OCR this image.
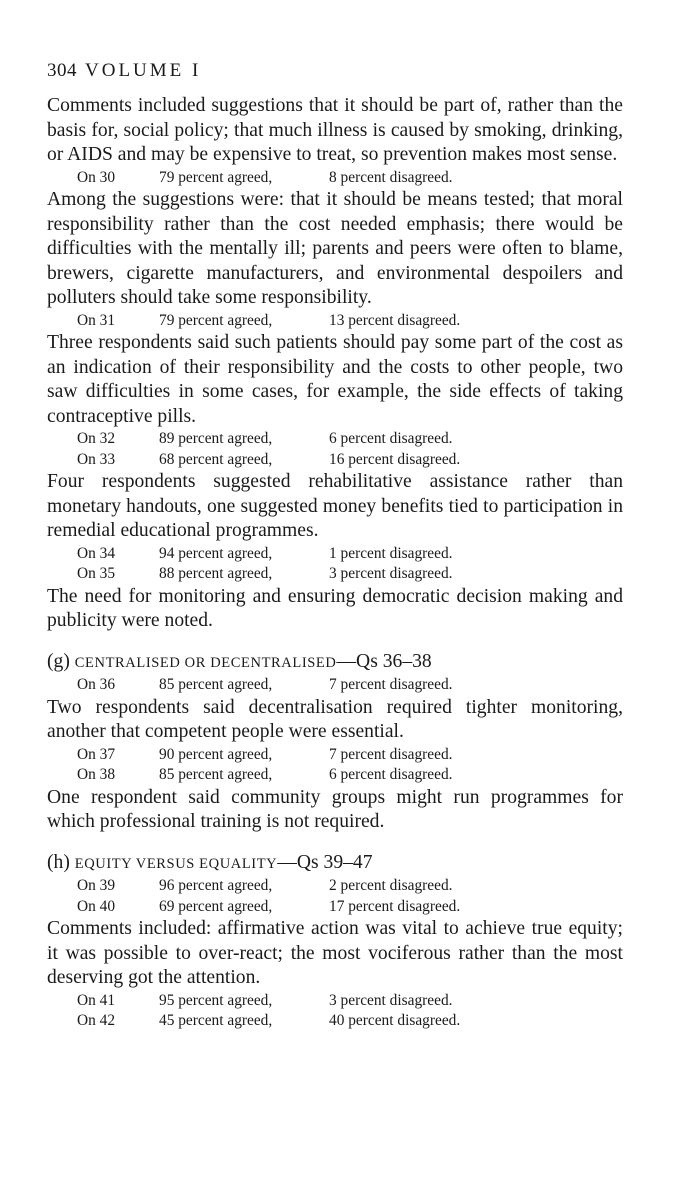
304 VOLUME I

Comments included suggestions that it should be part of, rather than the basis for, social policy; that much illness is caused by smoking, drinking, or AIDS and may be expensive to treat, so prevention makes most sense.

On 30	79 percent agreed,	8 percent disagreed.

Among the suggestions were: that it should be means tested; that moral responsibility rather than the cost needed emphasis; there would be difficulties with the mentally ill; parents and peers were often to blame, brewers, cigarette manufacturers, and environmental despoilers and polluters should take some responsibility.

On 31	79 percent agreed,	13 percent disagreed.

Three respondents said such patients should pay some part of the cost as an indication of their responsibility and the costs to other people, two saw difficulties in some cases, for example, the side effects of taking contraceptive pills.

On 32	89 percent agreed,	6 percent disagreed.
On 33	68 percent agreed,	16 percent disagreed.

Four respondents suggested rehabilitative assistance rather than monetary handouts, one suggested money benefits tied to participation in remedial educational programmes.

On 34	94 percent agreed,	1 percent disagreed.
On 35	88 percent agreed,	3 percent disagreed.

The need for monitoring and ensuring democratic decision making and publicity were noted.

(g) CENTRALISED OR DECENTRALISED—Qs 36–38
On 36	85 percent agreed,	7 percent disagreed.

Two respondents said decentralisation required tighter monitoring, another that competent people were essential.

On 37	90 percent agreed,	7 percent disagreed.
On 38	85 percent agreed,	6 percent disagreed.

One respondent said community groups might run programmes for which professional training is not required.

(h) EQUITY VERSUS EQUALITY—Qs 39–47
On 39	96 percent agreed,	2 percent disagreed.
On 40	69 percent agreed,	17 percent disagreed.

Comments included: affirmative action was vital to achieve true equity; it was possible to over-react; the most vociferous rather than the most deserving got the attention.

On 41	95 percent agreed,	3 percent disagreed.
On 42	45 percent agreed,	40 percent disagreed.
